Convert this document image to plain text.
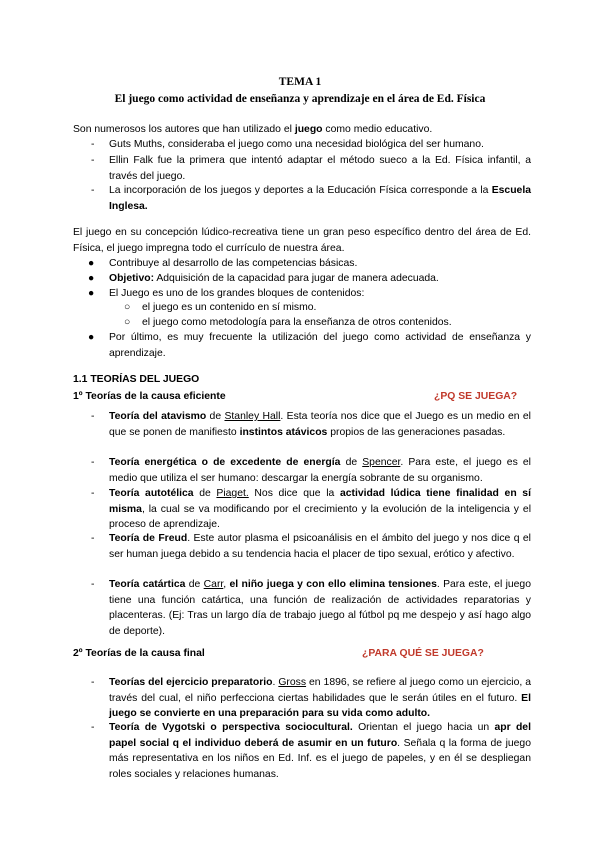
TEMA 1
El juego como actividad de enseñanza y aprendizaje en el área de Ed. Física
Son numerosos los autores que han utilizado el juego como medio educativo.
- Guts Muths, consideraba el juego como una necesidad biológica del ser humano.
- Ellin Falk fue la primera que intentó adaptar el método sueco a la Ed. Física infantil, a través del juego.
- La incorporación de los juegos y deportes a la Educación Física corresponde a la Escuela Inglesa.
El juego en su concepción lúdico-recreativa tiene un gran peso específico dentro del área de Ed. Física, el juego impregna todo el currículo de nuestra área.
● Contribuye al desarrollo de las competencias básicas.
● Objetivo: Adquisición de la capacidad para jugar de manera adecuada.
● El Juego es uno de los grandes bloques de contenidos:
○ el juego es un contenido en sí mismo.
○ el juego como metodología para la enseñanza de otros contenidos.
● Por último, es muy frecuente la utilización del juego como actividad de enseñanza y aprendizaje.
1.1 TEORÍAS DEL JUEGO
1º Teorías de la causa eficiente	¿PQ SE JUEGA?
- Teoría del atavismo de Stanley Hall. Esta teoría nos dice que el Juego es un medio en el que se ponen de manifiesto instintos atávicos propios de las generaciones pasadas.
- Teoría energética o de excedente de energía de Spencer. Para este, el juego es el medio que utiliza el ser humano: descargar la energía sobrante de su organismo.
- Teoría autotélica de Piaget. Nos dice que la actividad lúdica tiene finalidad en sí misma, la cual se va modificando por el crecimiento y la evolución de la inteligencia y el proceso de aprendizaje.
- Teoría de Freud. Este autor plasma el psicoanálisis en el ámbito del juego y nos dice q el ser human juega debido a su tendencia hacia el placer de tipo sexual, erótico y afectivo.
- Teoría catártica de Carr, el niño juega y con ello elimina tensiones. Para este, el juego tiene una función catártica, una función de realización de actividades reparatorias y placenteras. (Ej: Tras un largo día de trabajo juego al fútbol pq me despejo y así hago algo de deporte).
2º Teorías de la causa final	¿PARA QUÉ SE JUEGA?
- Teorías del ejercicio preparatorio. Gross en 1896, se refiere al juego como un ejercicio, a través del cual, el niño perfecciona ciertas habilidades que le serán útiles en el futuro. El juego se convierte en una preparación para su vida como adulto.
- Teoría de Vygotski o perspectiva sociocultural. Orientan el juego hacia un apr del papel social q el individuo deberá de asumir en un futuro. Señala q la forma de juego más representativa en los niños en Ed. Inf. es el juego de papeles, y en él se despliegan roles sociales y relaciones humanas.
